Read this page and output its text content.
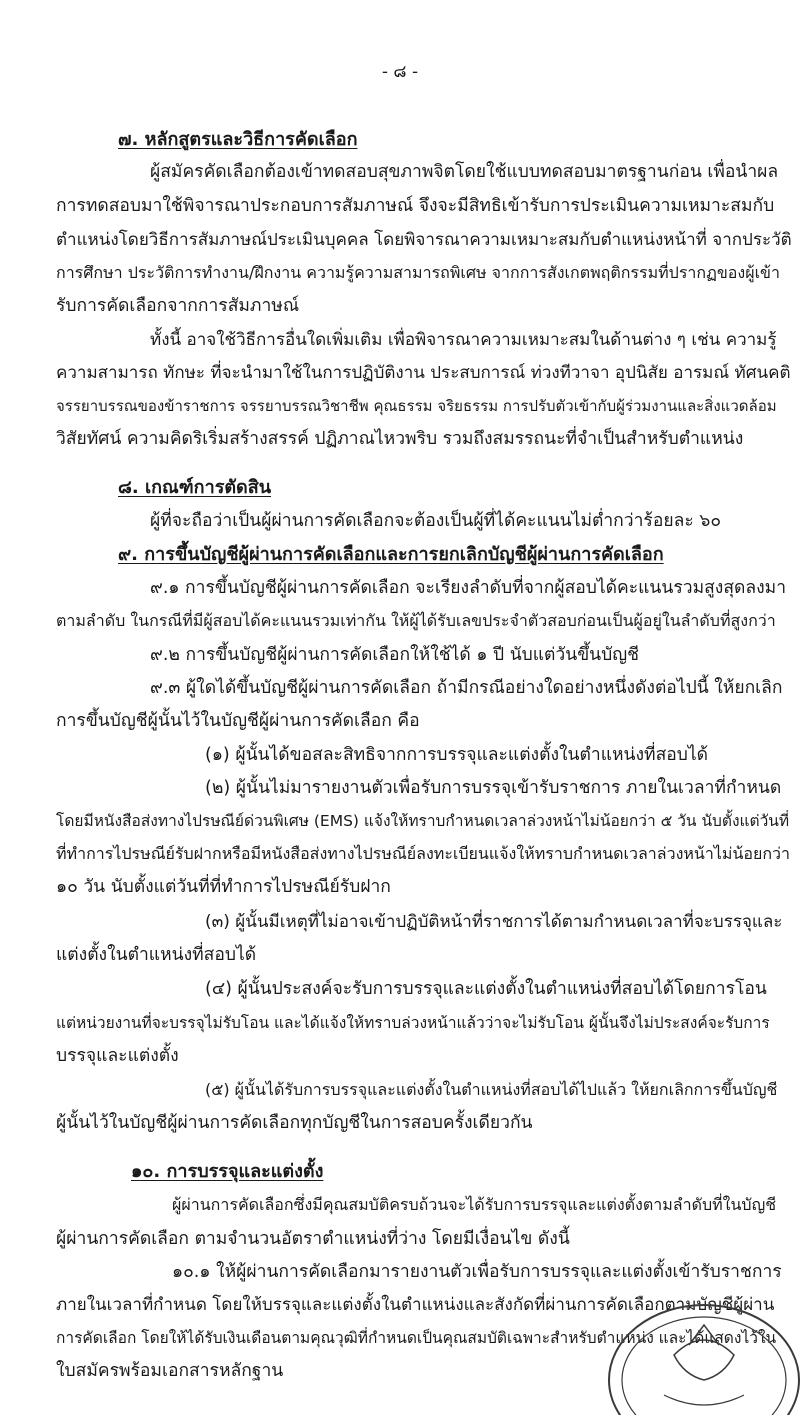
- ๘ -

๗. หลักสูตรและวิธีการคัดเลือก

ผู้สมัครคัดเลือกต้องเข้าทดสอบสุขภาพจิตโดยใช้แบบทดสอบมาตรฐานก่อน เพื่อนำผล

การทดสอบมาใช้พิจารณาประกอบการสัมภาษณ์ จึงจะมีสิทธิเข้ารับการประเมินความเหมาะสมกับ

ตำแหน่งโดยวิธีการสัมภาษณ์ประเมินบุคคล โดยพิจารณาความเหมาะสมกับตำแหน่งหน้าที่ จากประวัติ

การศึกษา ประวัติการทำงาน/ฝึกงาน ความรู้ความสามารถพิเศษ จากการสังเกตพฤติกรรมที่ปรากฏของผู้เข้า

รับการคัดเลือกจากการสัมภาษณ์

ทั้งนี้ อาจใช้วิธีการอื่นใดเพิ่มเติม เพื่อพิจารณาความเหมาะสมในด้านต่าง ๆ เช่น ความรู้

ความสามารถ ทักษะ ที่จะนำมาใช้ในการปฏิบัติงาน ประสบการณ์ ท่วงทีวาจา อุปนิสัย อารมณ์ ทัศนคติ

จรรยาบรรณของข้าราชการ จรรยาบรรณวิชาชีพ คุณธรรม จริยธรรม การปรับตัวเข้ากับผู้ร่วมงานและสิ่งแวดล้อม

วิสัยทัศน์ ความคิดริเริ่มสร้างสรรค์ ปฏิภาณไหวพริบ รวมถึงสมรรถนะที่จำเป็นสำหรับตำแหน่ง

๘. เกณฑ์การตัดสิน

ผู้ที่จะถือว่าเป็นผู้ผ่านการคัดเลือกจะต้องเป็นผู้ที่ได้คะแนนไม่ต่ำกว่าร้อยละ ๖๐

๙. การขึ้นบัญชีผู้ผ่านการคัดเลือกและการยกเลิกบัญชีผู้ผ่านการคัดเลือก

๙.๑ การขึ้นบัญชีผู้ผ่านการคัดเลือก จะเรียงลำดับที่จากผู้สอบได้คะแนนรวมสูงสุดลงมา

ตามลำดับ ในกรณีที่มีผู้สอบได้คะแนนรวมเท่ากัน ให้ผู้ได้รับเลขประจำตัวสอบก่อนเป็นผู้อยู่ในลำดับที่สูงกว่า

๙.๒ การขึ้นบัญชีผู้ผ่านการคัดเลือกให้ใช้ได้ ๑ ปี นับแต่วันขึ้นบัญชี

๙.๓ ผู้ใดได้ขึ้นบัญชีผู้ผ่านการคัดเลือก ถ้ามีกรณีอย่างใดอย่างหนึ่งดังต่อไปนี้ ให้ยกเลิก

การขึ้นบัญชีผู้นั้นไว้ในบัญชีผู้ผ่านการคัดเลือก คือ

(๑) ผู้นั้นได้ขอสละสิทธิจากการบรรจุและแต่งตั้งในตำแหน่งที่สอบได้

(๒) ผู้นั้นไม่มารายงานตัวเพื่อรับการบรรจุเข้ารับราชการ ภายในเวลาที่กำหนด

โดยมีหนังสือส่งทางไปรษณีย์ด่วนพิเศษ (EMS) แจ้งให้ทราบกำหนดเวลาล่วงหน้าไม่น้อยกว่า ๕ วัน นับตั้งแต่วันที่

ที่ทำการไปรษณีย์รับฝากหรือมีหนังสือส่งทางไปรษณีย์ลงทะเบียนแจ้งให้ทราบกำหนดเวลาล่วงหน้าไม่น้อยกว่า

๑๐ วัน นับตั้งแต่วันที่ที่ทำการไปรษณีย์รับฝาก

(๓) ผู้นั้นมีเหตุที่ไม่อาจเข้าปฏิบัติหน้าที่ราชการได้ตามกำหนดเวลาที่จะบรรจุและ

แต่งตั้งในตำแหน่งที่สอบได้

(๔) ผู้นั้นประสงค์จะรับการบรรจุและแต่งตั้งในตำแหน่งที่สอบได้โดยการโอน

แต่หน่วยงานที่จะบรรจุไม่รับโอน และได้แจ้งให้ทราบล่วงหน้าแล้วว่าจะไม่รับโอน ผู้นั้นจึงไม่ประสงค์จะรับการ

บรรจุและแต่งตั้ง

(๕) ผู้นั้นได้รับการบรรจุและแต่งตั้งในตำแหน่งที่สอบได้ไปแล้ว ให้ยกเลิกการขึ้นบัญชี

ผู้นั้นไว้ในบัญชีผู้ผ่านการคัดเลือกทุกบัญชีในการสอบครั้งเดียวกัน

๑๐. การบรรจุและแต่งตั้ง

ผู้ผ่านการคัดเลือกซึ่งมีคุณสมบัติครบถ้วนจะได้รับการบรรจุและแต่งตั้งตามลำดับที่ในบัญชี

ผู้ผ่านการคัดเลือก ตามจำนวนอัตราตำแหน่งที่ว่าง โดยมีเงื่อนไข ดังนี้

๑๐.๑ ให้ผู้ผ่านการคัดเลือกมารายงานตัวเพื่อรับการบรรจุและแต่งตั้งเข้ารับราชการ

ภายในเวลาที่กำหนด โดยให้บรรจุและแต่งตั้งในตำแหน่งและสังกัดที่ผ่านการคัดเลือกตามบัญชีผู้ผ่าน

การคัดเลือก โดยให้ได้รับเงินเดือนตามคุณวุฒิที่กำหนดเป็นคุณสมบัติเฉพาะสำหรับตำแหน่ง และได้แสดงไว้ใน

ใบสมัครพร้อมเอกสารหลักฐาน
